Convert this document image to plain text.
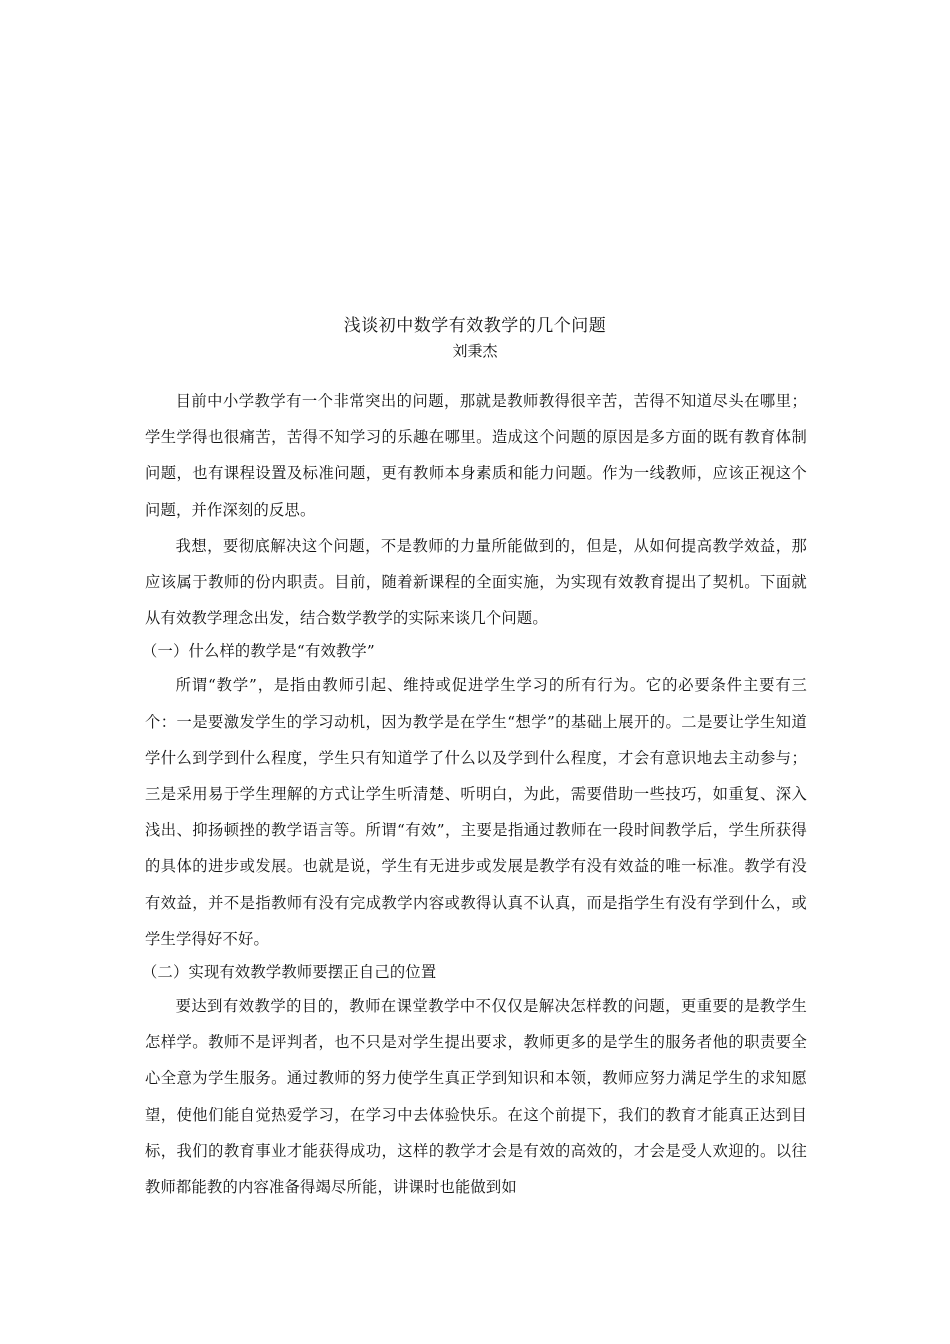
浅谈初中数学有效教学的几个问题
刘秉杰

目前中小学教学有一个非常突出的问题，那就是教师教得很辛苦，苦得不知道尽头在哪里；学生学得也很痛苦，苦得不知学习的乐趣在哪里。造成这个问题的原因是多方面的既有教育体制问题，也有课程设置及标准问题，更有教师本身素质和能力问题。作为一线教师，应该正视这个问题，并作深刻的反思。

我想，要彻底解决这个问题，不是教师的力量所能做到的，但是，从如何提高教学效益，那应该属于教师的份内职责。目前，随着新课程的全面实施，为实现有效教育提出了契机。下面就从有效教学理念出发，结合数学教学的实际来谈几个问题。

（一）什么样的教学是“有效教学”

所谓“教学”，是指由教师引起、维持或促进学生学习的所有行为。它的必要条件主要有三个：一是要激发学生的学习动机，因为教学是在学生“想学”的基础上展开的。二是要让学生知道学什么到学到什么程度，学生只有知道学了什么以及学到什么程度，才会有意识地去主动参与；三是采用易于学生理解的方式让学生听清楚、听明白，为此，需要借助一些技巧，如重复、深入浅出、抑扬顿挫的教学语言等。所谓“有效”，主要是指通过教师在一段时间教学后，学生所获得的具体的进步或发展。也就是说，学生有无进步或发展是教学有没有效益的唯一标准。教学有没有效益，并不是指教师有没有完成教学内容或教得认真不认真，而是指学生有没有学到什么，或学生学得好不好。

（二）实现有效教学教师要摆正自己的位置

要达到有效教学的目的，教师在课堂教学中不仅仅是解决怎样教的问题，更重要的是教学生怎样学。教师不是评判者，也不只是对学生提出要求，教师更多的是学生的服务者他的职责要全心全意为学生服务。通过教师的努力使学生真正学到知识和本领，教师应努力满足学生的求知愿望，使他们能自觉热爱学习，在学习中去体验快乐。在这个前提下，我们的教育才能真正达到目标，我们的教育事业才能获得成功，这样的教学才会是有效的高效的，才会是受人欢迎的。以往教师都能教的内容准备得竭尽所能，讲课时也能做到如
